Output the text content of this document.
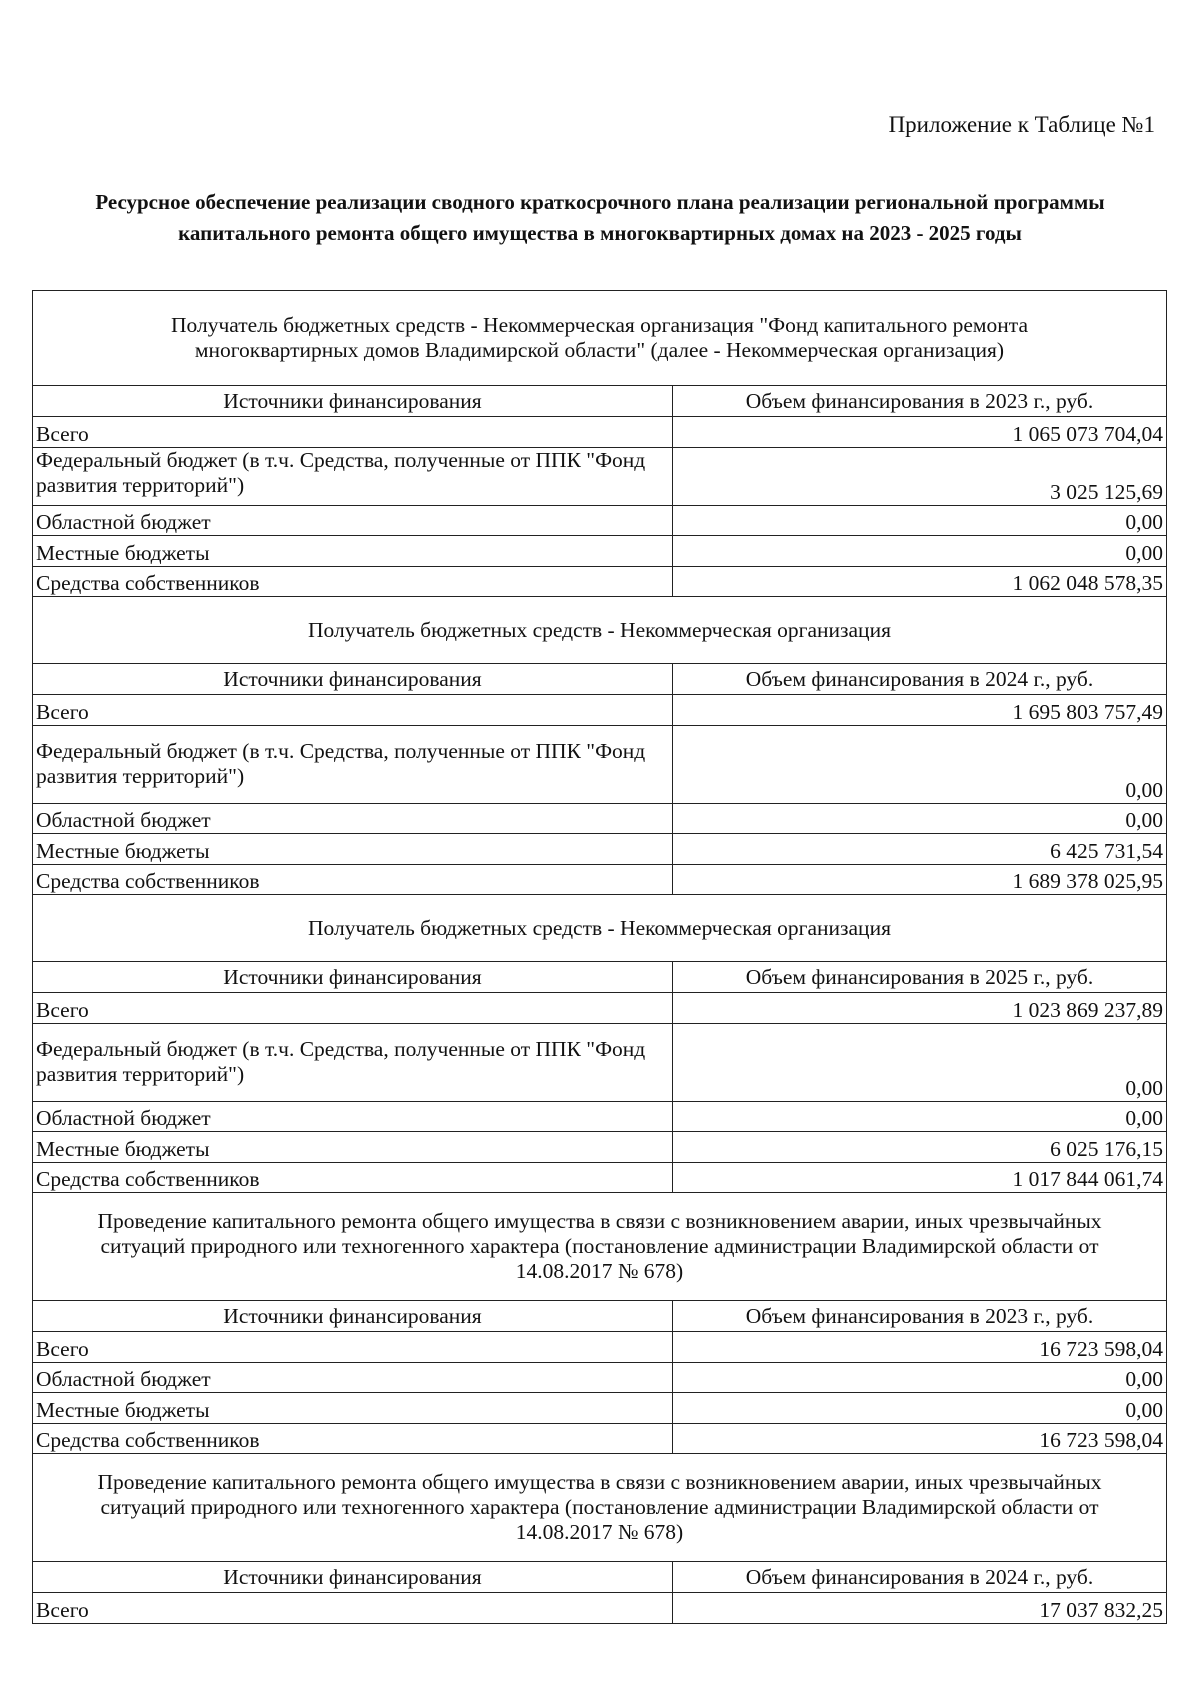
Приложение к Таблице №1

Ресурсное обеспечение реализации сводного краткосрочного плана реализации региональной программы капитального ремонта общего имущества в многоквартирных домах на 2023 - 2025 годы
Получатель бюджетных средств - Некоммерческая организация "Фонд капитального ремонта многоквартирных домов Владимирской области" (далее - Некоммерческая организация)	
Источники финансирования	Объем финансирования в 2023 г., руб.
Всего	1 065 073 704,04
Федеральный бюджет (в т.ч. Средства, полученные от ППК "Фонд развития территорий")	3 025 125,69
Областной бюджет	0,00
Местные бюджеты	0,00
Средства собственников	1 062 048 578,35
Получатель бюджетных средств - Некоммерческая организация	
Источники финансирования	Объем финансирования в 2024 г., руб.
Всего	1 695 803 757,49
Федеральный бюджет (в т.ч. Средства, полученные от ППК "Фонд развития территорий")	0,00
Областной бюджет	0,00
Местные бюджеты	6 425 731,54
Средства собственников	1 689 378 025,95
Получатель бюджетных средств - Некоммерческая организация	
Источники финансирования	Объем финансирования в 2025 г., руб.
Всего	1 023 869 237,89
Федеральный бюджет (в т.ч. Средства, полученные от ППК "Фонд развития территорий")	0,00
Областной бюджет	0,00
Местные бюджеты	6 025 176,15
Средства собственников	1 017 844 061,74
Проведение капитального ремонта общего имущества в связи с возникновением аварии, иных чрезвычайных ситуаций природного или техногенного характера (постановление администрации Владимирской области от 14.08.2017 № 678)	
Источники финансирования	Объем финансирования в 2023 г., руб.
Всего	16 723 598,04
Областной бюджет	0,00
Местные бюджеты	0,00
Средства собственников	16 723 598,04
Проведение капитального ремонта общего имущества в связи с возникновением аварии, иных чрезвычайных ситуаций природного или техногенного характера (постановление администрации Владимирской области от 14.08.2017 № 678)	
Источники финансирования	Объем финансирования в 2024 г., руб.
Всего	17 037 832,25
